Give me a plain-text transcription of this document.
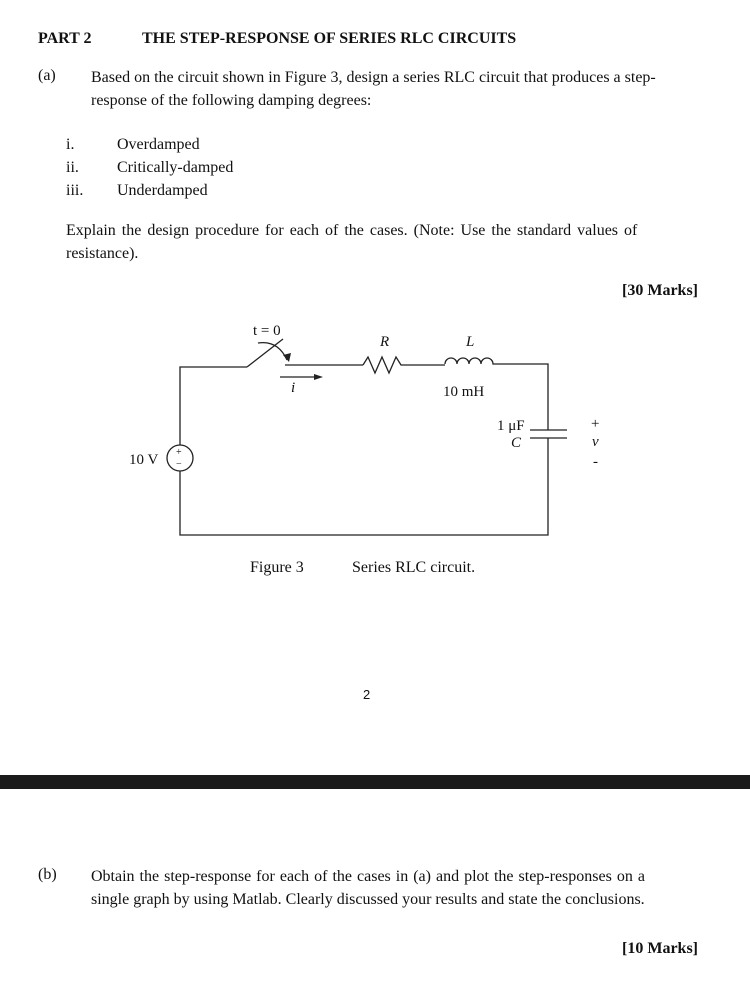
PART 2	THE STEP-RESPONSE OF SERIES RLC CIRCUITS
(a) Based on the circuit shown in Figure 3, design a series RLC circuit that produces a step-
response of the following damping degrees:
i.	Overdamped
ii. Critically-damped
iii. Underdamped
Explain the design procedure for each of the cases. (Note: Use the standard values of
resistance).
[30 Marks]
t = 0
i
R	L
10 mH
1 μF
C
10 V +
−
+
v
-
Figure 3	Series RLC circuit.
2
(b) Obtain the step-response for each of the cases in (a) and plot the step-responses on a
single graph by using Matlab. Clearly discussed your results and state the conclusions.
[10 Marks]
